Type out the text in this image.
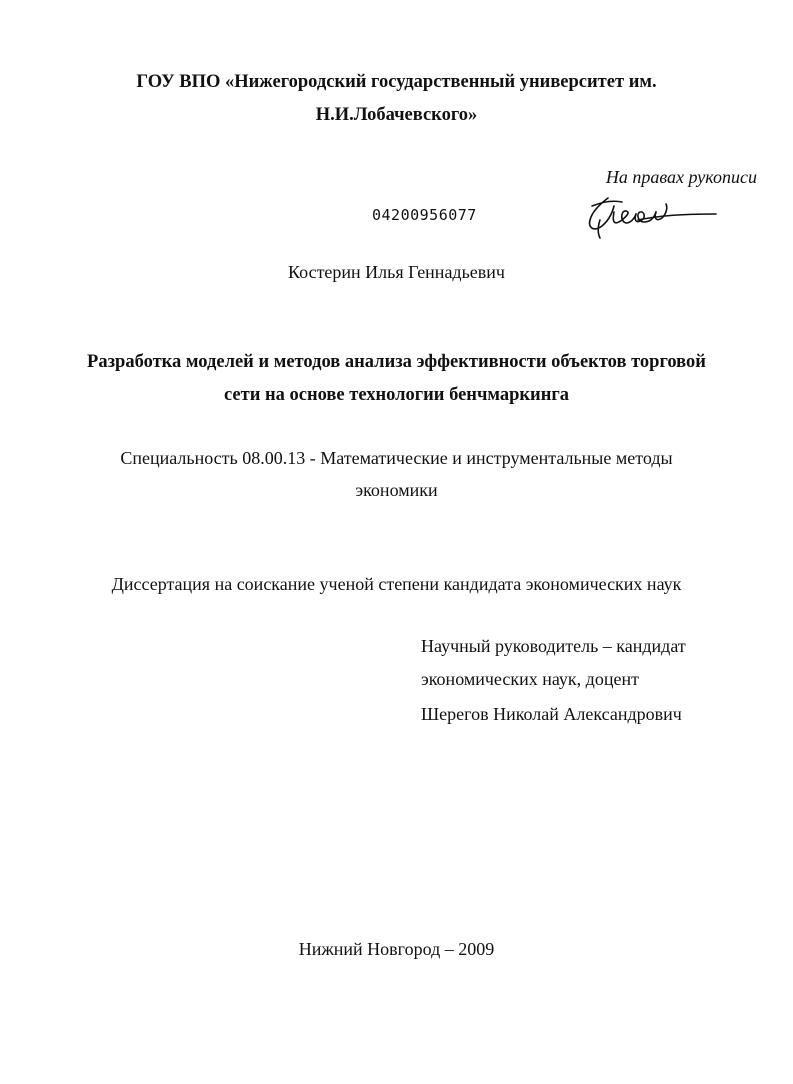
ГОУ ВПО «Нижегородский государственный университет им.
Н.И.Лобачевского»
На правах рукописи
04200956077
Костерин Илья Геннадьевич
Разработка моделей и методов анализа эффективности объектов торговой
сети на основе технологии бенчмаркинга
Специальность 08.00.13 - Математические и инструментальные методы
экономики
Диссертация на соискание ученой степени кандидата экономических наук
Научный руководитель – кандидат
экономических наук, доцент
Шерегов Николай Александрович
Нижний Новгород – 2009
